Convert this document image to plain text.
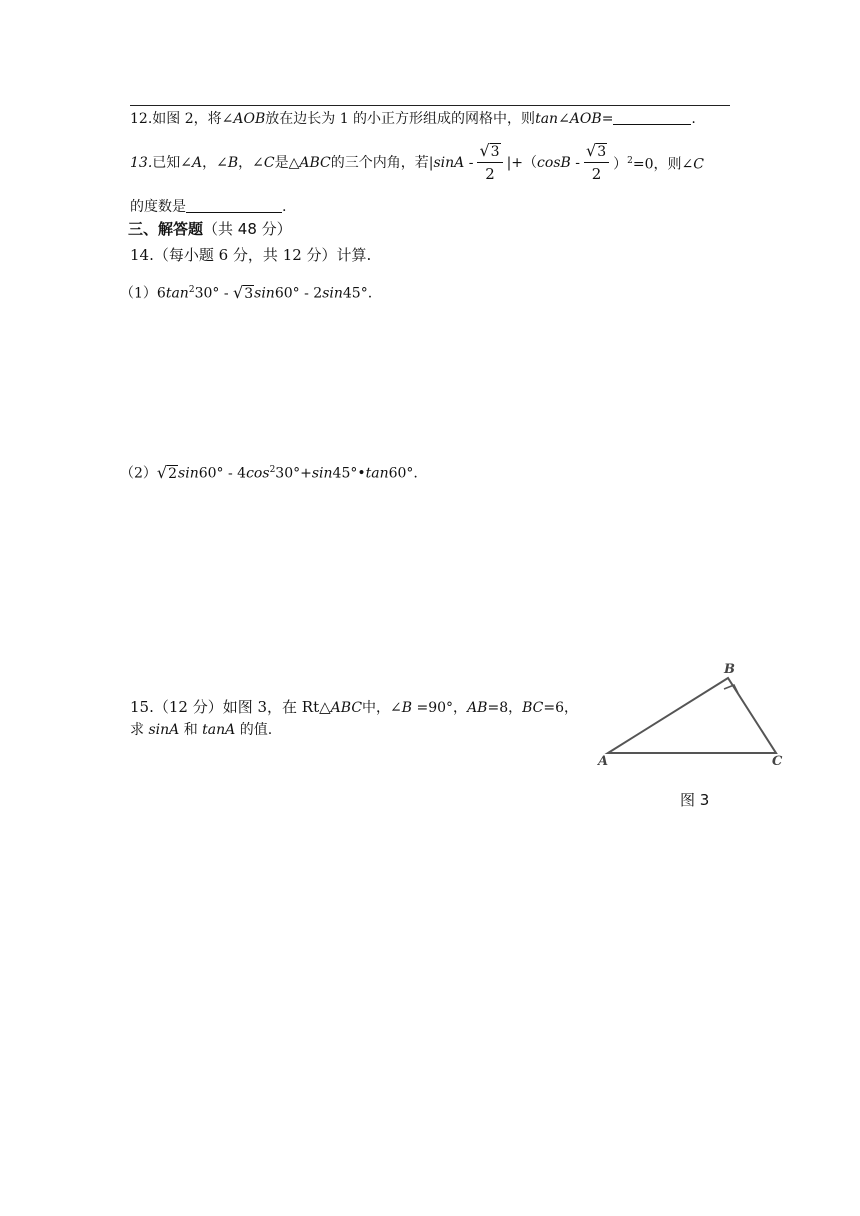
12.如图 2，将∠AOB放在边长为 1 的小正方形组成的网格中，则tan∠AOB=	.
13.已知∠A，∠B，∠C是△ABC的三个内角，若$|\sin A - \frac{√3}{2} |+(\cos B - \frac{√3}{2} )^2=0$，则∠C
的度数是	.
三、解答题（共 48 分）
14.（每小题 6 分，共 12 分）计算.
$(1)6\tan^230^\circ - √3\sin 60^\circ - 2\sin 45^\circ$.
$(2)√2\sin 60^\circ - 4\cos^230^\circ+\sin 45^\circ•\tan 60^\circ$.
15.（12 分）如图 3，在 Rt△ABC中，∠B =90°，AB=8，BC=6，
求 sinA 和 tanA 的值.
B
A	C
图 3
